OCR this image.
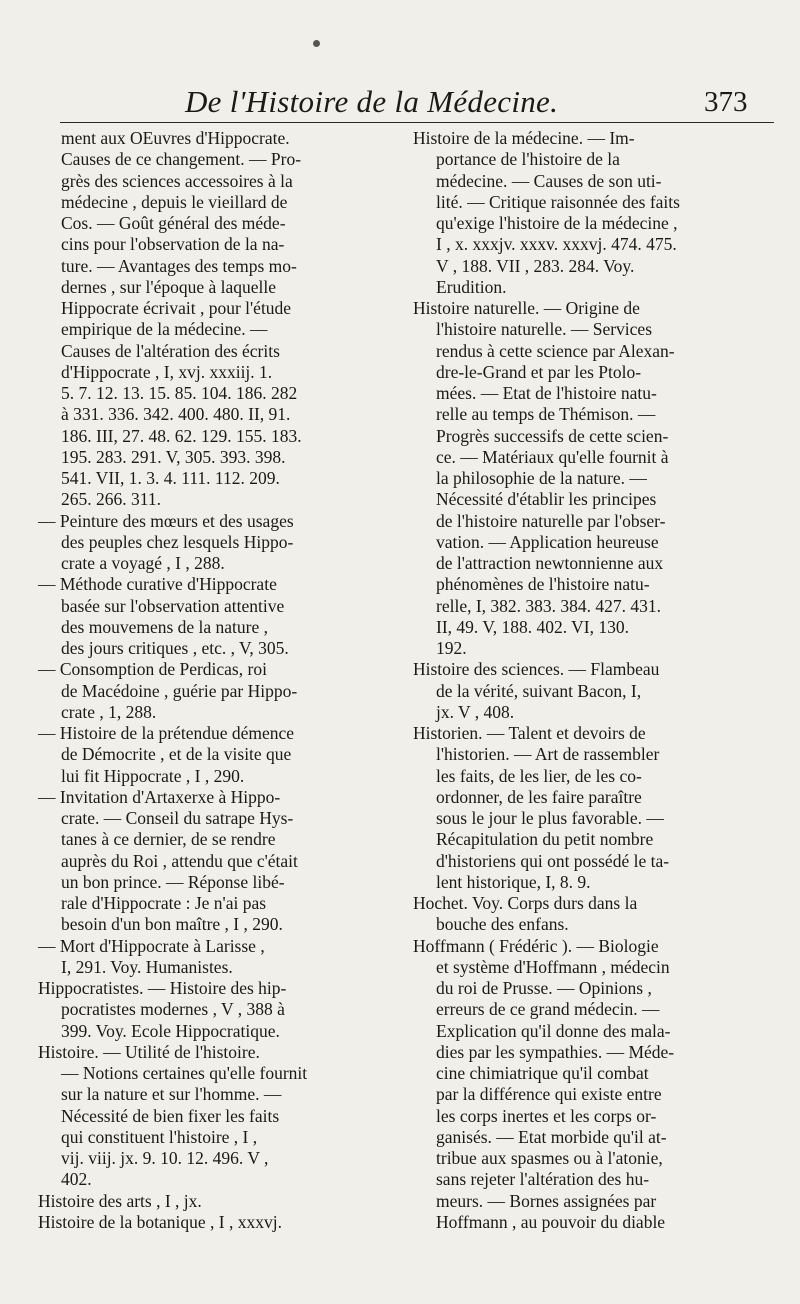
De l'Histoire de la Médecine.	373
ment aux OEuvres d'Hippocrate.
Causes de ce changement. — Pro-
grès des sciences accessoires à la
médecine , depuis le vieillard de
Cos. — Goût général des méde-
cins pour l'observation de la na-
ture. — Avantages des temps mo-
dernes , sur l'époque à laquelle
Hippocrate écrivait , pour l'étude
empirique de la médecine. —
Causes de l'altération des écrits
d'Hippocrate , I, xvj. xxxiij. 1.
5. 7. 12. 13. 15. 85. 104. 186. 282
à 331. 336. 342. 400. 480. II, 91.
186. III, 27. 48. 62. 129. 155. 183.
195. 283. 291. V, 305. 393. 398.
541. VII, 1. 3. 4. 111. 112. 209.
265. 266. 311.
— Peinture des mœurs et des usages
des peuples chez lesquels Hippo-
crate a voyagé , I , 288.
— Méthode curative d'Hippocrate
basée sur l'observation attentive
des mouvemens de la nature ,
des jours critiques , etc. , V, 305.
— Consomption de Perdicas, roi
de Macédoine , guérie par Hippo-
crate , 1, 288.
— Histoire de la prétendue démence
de Démocrite , et de la visite que
lui fit Hippocrate , I , 290.
— Invitation d'Artaxerxe à Hippo-
crate. — Conseil du satrape Hys-
tanes à ce dernier, de se rendre
auprès du Roi , attendu que c'était
un bon prince. — Réponse libé-
rale d'Hippocrate : Je n'ai pas
besoin d'un bon maître , I , 290.
— Mort d'Hippocrate à Larisse ,
I, 291. Voy. Humanistes.
Hippocratistes. — Histoire des hip-
pocratistes modernes , V , 388 à
399. Voy. Ecole Hippocratique.
Histoire. — Utilité de l'histoire.
— Notions certaines qu'elle fournit
sur la nature et sur l'homme. —
Nécessité de bien fixer les faits
qui constituent l'histoire , I ,
vij. viij. jx. 9. 10. 12. 496. V ,
402.
Histoire des arts , I , jx.
Histoire de la botanique , I , xxxvj.
Histoire de la médecine. — Im-
portance de l'histoire de la
médecine. — Causes de son uti-
lité. — Critique raisonnée des faits
qu'exige l'histoire de la médecine ,
I , x. xxxjv. xxxv. xxxvj. 474. 475.
V , 188. VII , 283. 284. Voy.
Erudition.
Histoire naturelle. — Origine de
l'histoire naturelle. — Services
rendus à cette science par Alexan-
dre-le-Grand et par les Ptolo-
mées. — Etat de l'histoire natu-
relle au temps de Thémison. —
Progrès successifs de cette scien-
ce. — Matériaux qu'elle fournit à
la philosophie de la nature. —
Nécessité d'établir les principes
de l'histoire naturelle par l'obser-
vation. — Application heureuse
de l'attraction newtonnienne aux
phénomènes de l'histoire natu-
relle, I, 382. 383. 384. 427. 431.
II, 49. V, 188. 402. VI, 130.
192.
Histoire des sciences. — Flambeau
de la vérité, suivant Bacon, I,
jx. V , 408.
Historien. — Talent et devoirs de
l'historien. — Art de rassembler
les faits, de les lier, de les co-
ordonner, de les faire paraître
sous le jour le plus favorable. —
Récapitulation du petit nombre
d'historiens qui ont possédé le ta-
lent historique, I, 8. 9.
Hochet. Voy. Corps durs dans la
bouche des enfans.
Hoffmann ( Frédéric ). — Biologie
et système d'Hoffmann , médecin
du roi de Prusse. — Opinions ,
erreurs de ce grand médecin. —
Explication qu'il donne des mala-
dies par les sympathies. — Méde-
cine chimiatrique qu'il combat
par la différence qui existe entre
les corps inertes et les corps or-
ganisés. — Etat morbide qu'il at-
tribue aux spasmes ou à l'atonie,
sans rejeter l'altération des hu-
meurs. — Bornes assignées par
Hoffmann , au pouvoir du diable
